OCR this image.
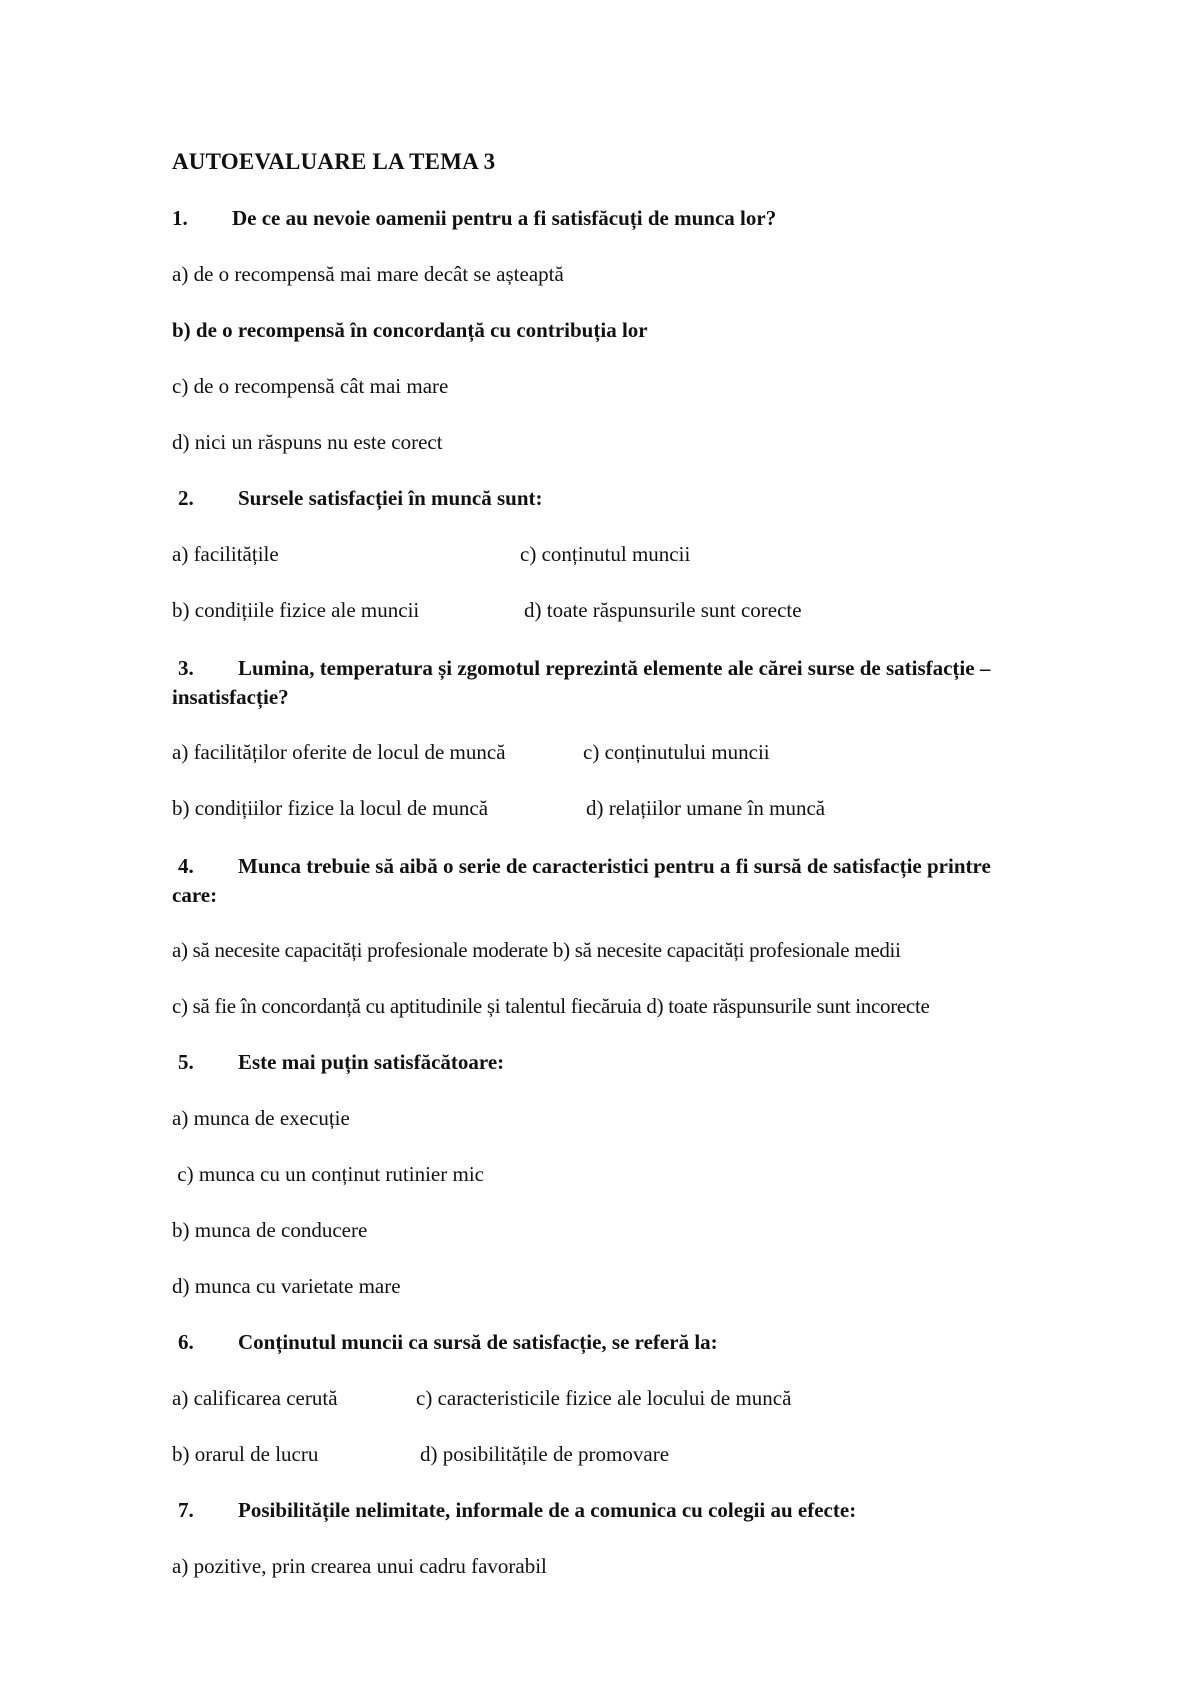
AUTOEVALUARE LA TEMA 3
1. De ce au nevoie oamenii pentru a fi satisfăcuți de munca lor?
a) de o recompensă mai mare decât se așteaptă
b) de o recompensă în concordanță cu contribuția lor
c) de o recompensă cât mai mare
d) nici un răspuns nu este corect
2. Sursele satisfacției în muncă sunt:
a) facilitățile	c) conținutul muncii
b) condițiile fizice ale muncii	d) toate răspunsurile sunt corecte
3. Lumina, temperatura și zgomotul reprezintă elemente ale cărei surse de satisfacție –
insatisfacție?
a) facilităților oferite de locul de muncă	c) conținutului muncii
b) condițiilor fizice la locul de muncă	d) relațiilor umane în muncă
4. Munca trebuie să aibă o serie de caracteristici pentru a fi sursă de satisfacție printre
care:
a) să necesite capacități profesionale moderate b) să necesite capacități profesionale medii
c) să fie în concordanță cu aptitudinile și talentul fiecăruia d) toate răspunsurile sunt incorecte
5. Este mai puțin satisfăcătoare:
a) munca de execuție
c) munca cu un conținut rutinier mic
b) munca de conducere
d) munca cu varietate mare
6. Conținutul muncii ca sursă de satisfacție, se referă la:
a) calificarea cerută	c) caracteristicile fizice ale locului de muncă
b) orarul de lucru	d) posibilitățile de promovare
7. Posibilitățile nelimitate, informale de a comunica cu colegii au efecte:
a) pozitive, prin crearea unui cadru favorabil
